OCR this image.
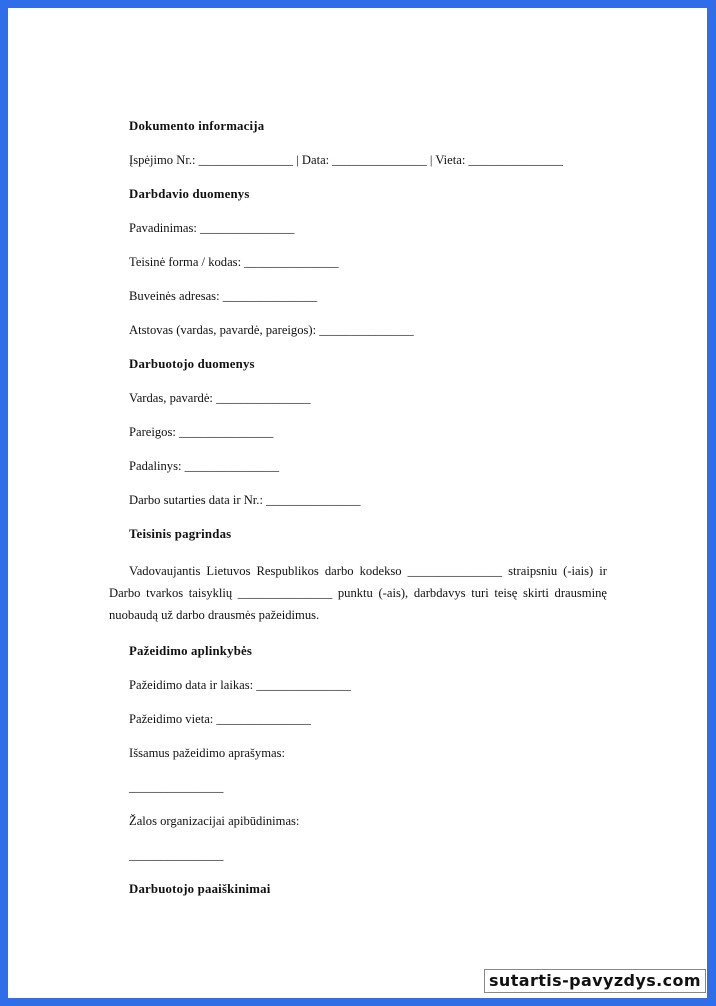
Dokumento informacija
Įspėjimo Nr.: _______________ | Data: _______________ | Vieta: _______________
Darbdavio duomenys
Pavadinimas: _______________
Teisinė forma / kodas: _______________
Buveinės adresas: _______________
Atstovas (vardas, pavardė, pareigos): _______________
Darbuotojo duomenys
Vardas, pavardė: _______________
Pareigos: _______________
Padalinys: _______________
Darbo sutarties data ir Nr.: _______________
Teisinis pagrindas
Vadovaujantis Lietuvos Respublikos darbo kodekso _______________ straipsniu (-iais) ir Darbo tvarkos taisyklių _______________ punktu (-ais), darbdavys turi teisę skirti drausminę nuobaudą už darbo drausmės pažeidimus.
Pažeidimo aplinkybės
Pažeidimo data ir laikas: _______________
Pažeidimo vieta: _______________
Išsamus pažeidimo aprašymas:
_______________
Žalos organizacijai apibūdinimas:
_______________
Darbuotojo paaiškinimai
sutartis-pavyzdys.com
